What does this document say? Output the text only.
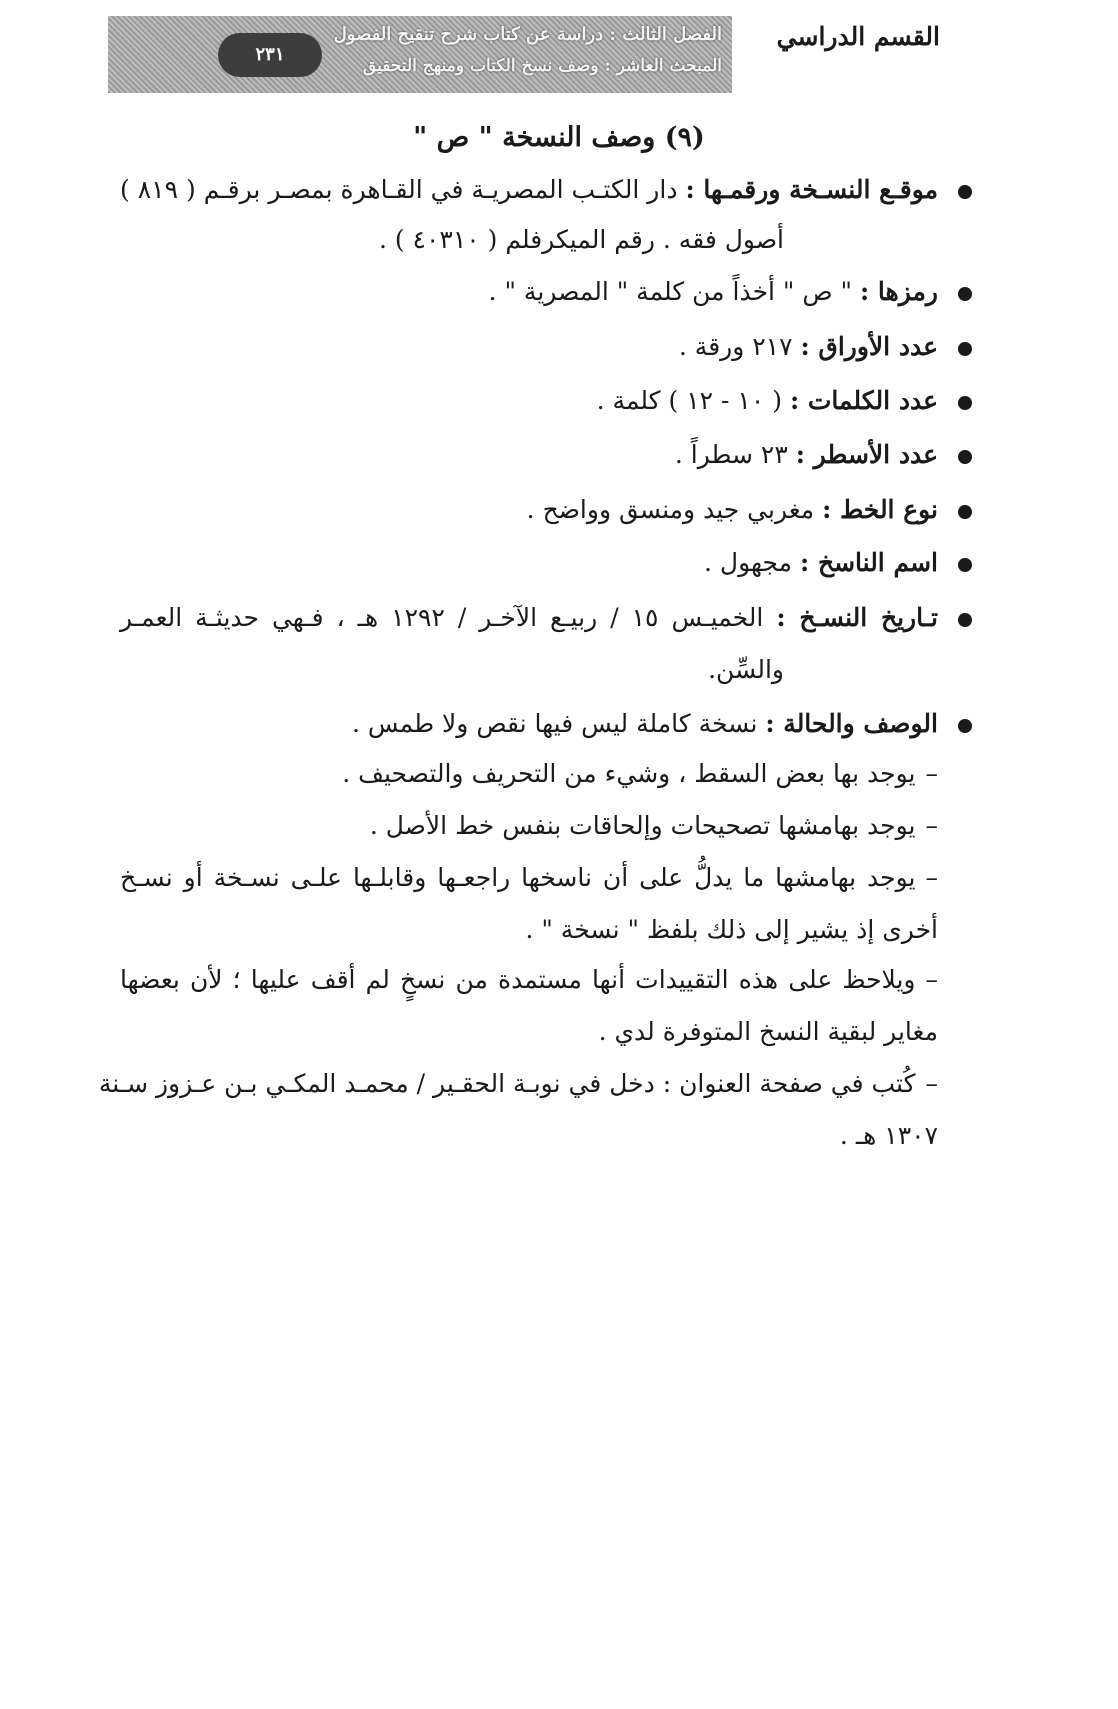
القسم الدراسي
الفصل الثالث : دراسة عن كتاب شرح تنقيح الفصول
المبحث العاشر : وصف نسخ الكتاب ومنهج التحقيق
٢٣١
(٩) وصف النسخة " ص "
موقـع النسـخة ورقمـها : دار الكتـب المصريـة في القـاهرة بمصـر برقـم ( ٨١٩ )
أصول فقه . رقم الميكرفلم ( ٤٠٣١٠ ) .
رمزها : " ص " أخذاً من كلمة " المصرية " .
عدد الأوراق : ٢١٧ ورقة .
عدد الكلمات : ( ١٠ - ١٢ ) كلمة .
عدد الأسطر : ٢٣ سطراً .
نوع الخط : مغربي جيد ومنسق وواضح .
اسم الناسخ : مجهول .
تـاريخ النسـخ : الخميـس ١٥ / ربيـع الآخـر / ١٢٩٢ هـ ، فـهي حديثـة العمـر
والسِّن.
الوصف والحالة : نسخة كاملة ليس فيها نقص ولا طمس .
–يوجد بها بعض السقط ، وشيء من التحريف والتصحيف .
–يوجد بهامشها تصحيحات وإلحاقات بنفس خط الأصل .
–يوجد بهامشها ما يدلُّ على أن ناسخها راجعـها وقابلـها علـى نسـخة أو نسـخ
أخرى إذ يشير إلى ذلك بلفظ " نسخة " .
–ويلاحظ على هذه التقييدات أنها مستمدة من نسخٍ لم أقف عليها ؛ لأن بعضها
مغاير لبقية النسخ المتوفرة لدي .
–كُتب في صفحة العنوان : دخل في نوبـة الحقـير / محمـد المكـي بـن عـزوز سـنة
١٣٠٧ هـ .
